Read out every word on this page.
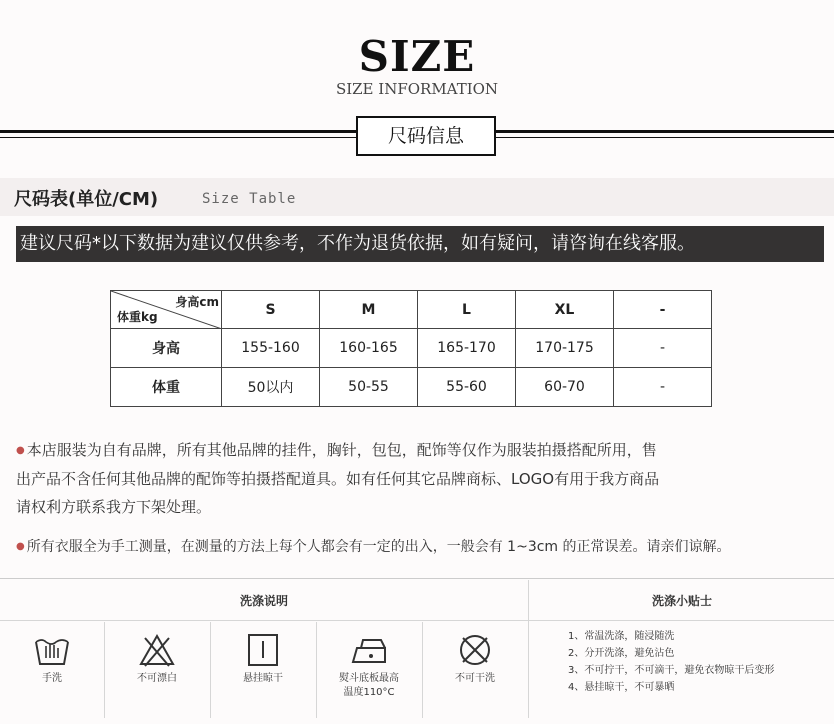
SIZE
SIZE INFORMATION
尺码信息
尺码表(单位/CM)	Size Table
建议尺码*以下数据为建议仅供参考，不作为退货依据，如有疑问，请咨询在线客服。
身高cm
体重kg	S	M	L	XL	-
身高	155-160	160-165	165-170	170-175	-
体重	50以内	50-55	55-60	60-70	-
● 本店服装为自有品牌，所有其他品牌的挂件，胸针，包包，配饰等仅作为服装拍摄搭配所用，售
出产品不含任何其他品牌的配饰等拍摄搭配道具。如有任何其它品牌商标、LOGO有用于我方商品
请权利方联系我方下架处理。
● 所有衣服全为手工测量，在测量的方法上每个人都会有一定的出入，一般会有 1~3cm 的正常误差。请亲们谅解。
洗涤说明	洗涤小贴士
手洗	不可漂白	悬挂晾干	熨斗底板最高
温度110°C
不可干洗
1、常温洗涤，随浸随洗
2、分开洗涤，避免沾色
3、不可拧干，不可滴干，避免衣物晾干后变形
4、悬挂晾干，不可暴晒
